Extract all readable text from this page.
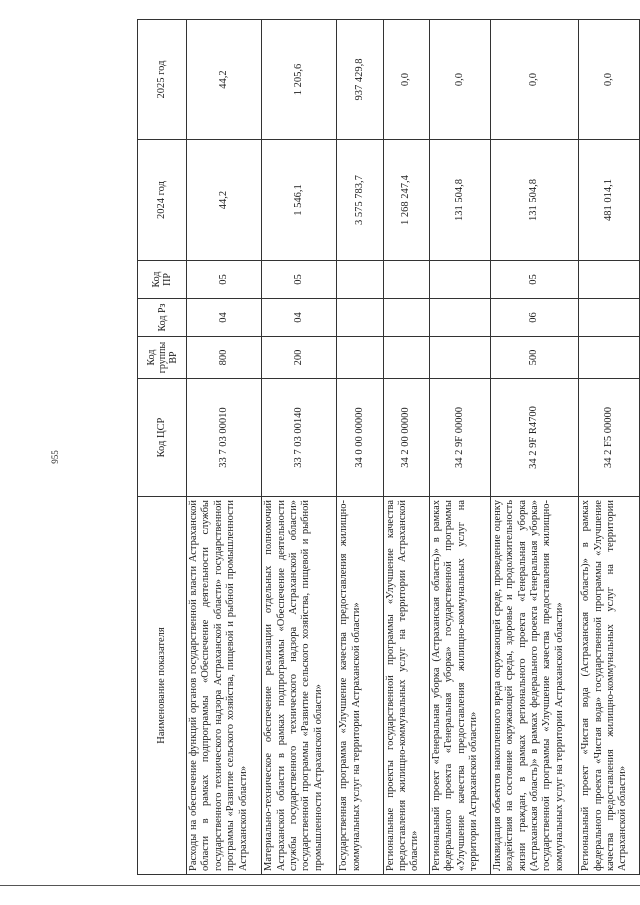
955
Наименование показателя	Код ЦСР	Код группы ВР	Код Рз	Код ПР	2024 год	2025 год
Расходы на обеспечение функций органов государственной власти Астраханской области в рамках подпрограммы «Обеспечение деятельности службы государственного технического надзора Астраханской области» государственной программы «Развитие сельского хозяйства, пищевой и рыбной промышленности Астраханской области»	33 7 03 00010	800	04	05	44,2	44,2
Материально-техническое обеспечение реализации отдельных полномочий Астраханской области в рамках подпрограммы «Обеспечение деятельности службы государственного технического надзора Астраханской области» государственной программы «Развитие сельского хозяйства, пищевой и рыбной промышленности Астраханской области»	33 7 03 00140	200	04	05	1 546,1	1 205,6
Государственная программа «Улучшение качества предоставления жилищно-коммунальных услуг на территории Астраханской области»	34 0 00 00000				3 575 783,7	937 429,8
Региональные проекты государственной программы «Улучшение качества предоставления жилищно-коммунальных услуг на территории Астраханской области»	34 2 00 00000				1 268 247,4	0,0
Региональный проект «Генеральная уборка (Астраханская область)» в рамках федерального проекта «Генеральная уборка» государственной программы «Улучшение качества предоставления жилищно-коммунальных услуг на территории Астраханской области»	34 2 9F 00000				131 504,8	0,0
Ликвидация объектов накопленного вреда окружающей среде, проведение оценку воздействия на состояние окружающей среды, здоровье и продолжительность жизни граждан, в рамках регионального проекта «Генеральная уборка (Астраханская область)» в рамках федерального проекта «Генеральная уборка» государственной программы «Улучшение качества предоставления жилищно-коммунальных услуг на территории Астраханской области»	34 2 9F R4700	500	06	05	131 504,8	0,0
Региональный проект «Чистая вода (Астраханская область)» в рамках федерального проекта «Чистая вода» государственной программы «Улучшение качества предоставления жилищно-коммунальных услуг на территории Астраханской области»	34 2 F5 00000				481 014,1	0,0
